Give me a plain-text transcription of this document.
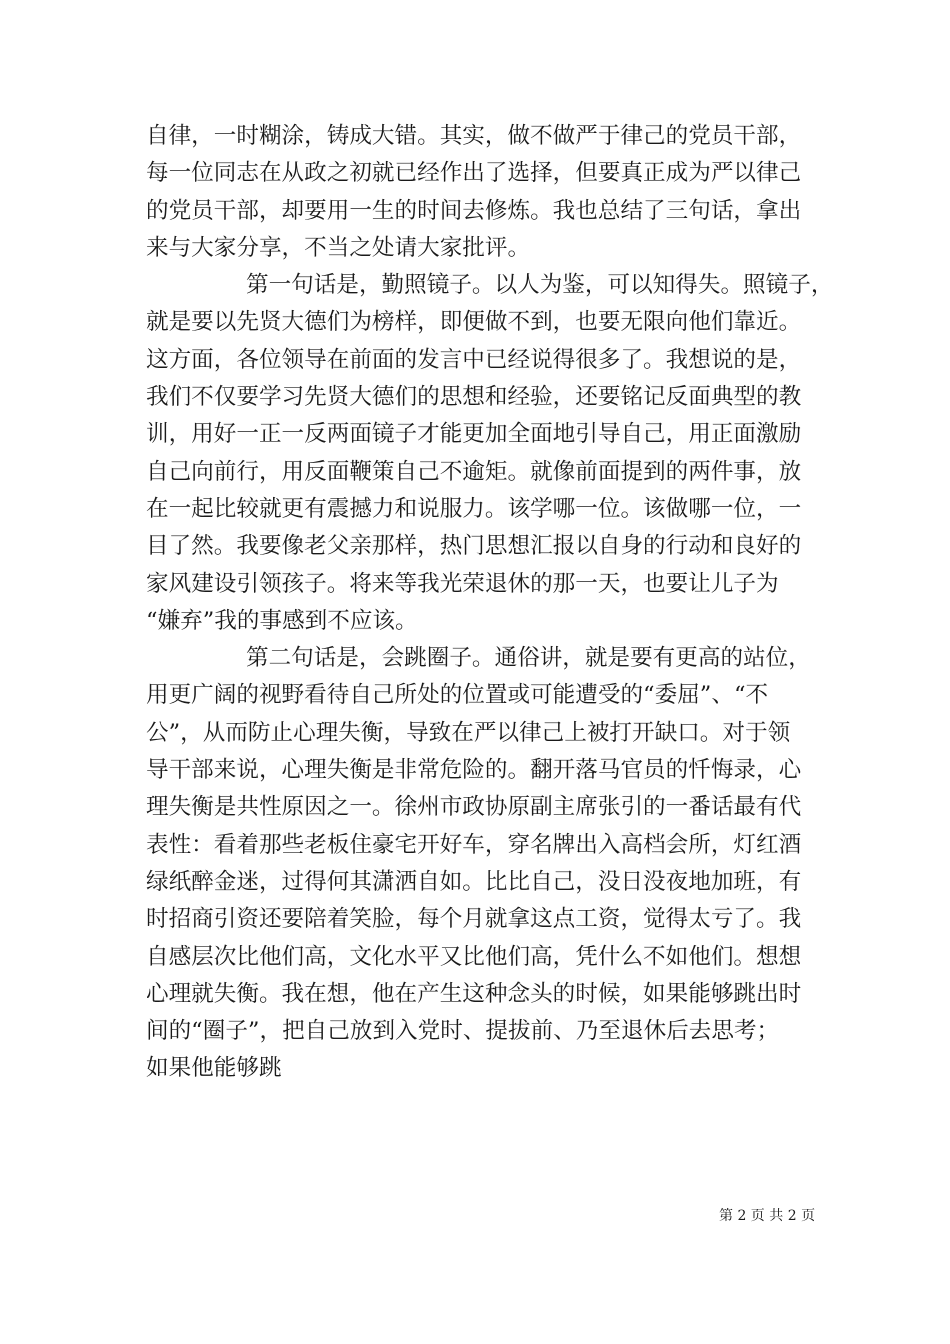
自律，一时糊涂，铸成大错。其实，做不做严于律己的党员干部，
每一位同志在从政之初就已经作出了选择，但要真正成为严以律己
的党员干部，却要用一生的时间去修炼。我也总结了三句话，拿出
来与大家分享，不当之处请大家批评。
第一句话是，勤照镜子。以人为鉴，可以知得失。照镜子，
就是要以先贤大德们为榜样，即便做不到，也要无限向他们靠近。
这方面，各位领导在前面的发言中已经说得很多了。我想说的是，
我们不仅要学习先贤大德们的思想和经验，还要铭记反面典型的教
训，用好一正一反两面镜子才能更加全面地引导自己，用正面激励
自己向前行，用反面鞭策自己不逾矩。就像前面提到的两件事，放
在一起比较就更有震撼力和说服力。该学哪一位。该做哪一位，一
目了然。我要像老父亲那样，热门思想汇报以自身的行动和良好的
家风建设引领孩子。将来等我光荣退休的那一天，也要让儿子为
“嫌弃”我的事感到不应该。
第二句话是，会跳圈子。通俗讲，就是要有更高的站位，
用更广阔的视野看待自己所处的位置或可能遭受的“委屈”、“不
公”，从而防止心理失衡，导致在严以律己上被打开缺口。对于领
导干部来说，心理失衡是非常危险的。翻开落马官员的忏悔录，心
理失衡是共性原因之一。徐州市政协原副主席张引的一番话最有代
表性：看着那些老板住豪宅开好车，穿名牌出入高档会所，灯红酒
绿纸醉金迷，过得何其潇洒自如。比比自己，没日没夜地加班，有
时招商引资还要陪着笑脸，每个月就拿这点工资，觉得太亏了。我
自感层次比他们高，文化水平又比他们高，凭什么不如他们。想想
心理就失衡。我在想，他在产生这种念头的时候，如果能够跳出时
间的“圈子”，把自己放到入党时、提拔前、乃至退休后去思考；
如果他能够跳
第 2 页 共 2 页
